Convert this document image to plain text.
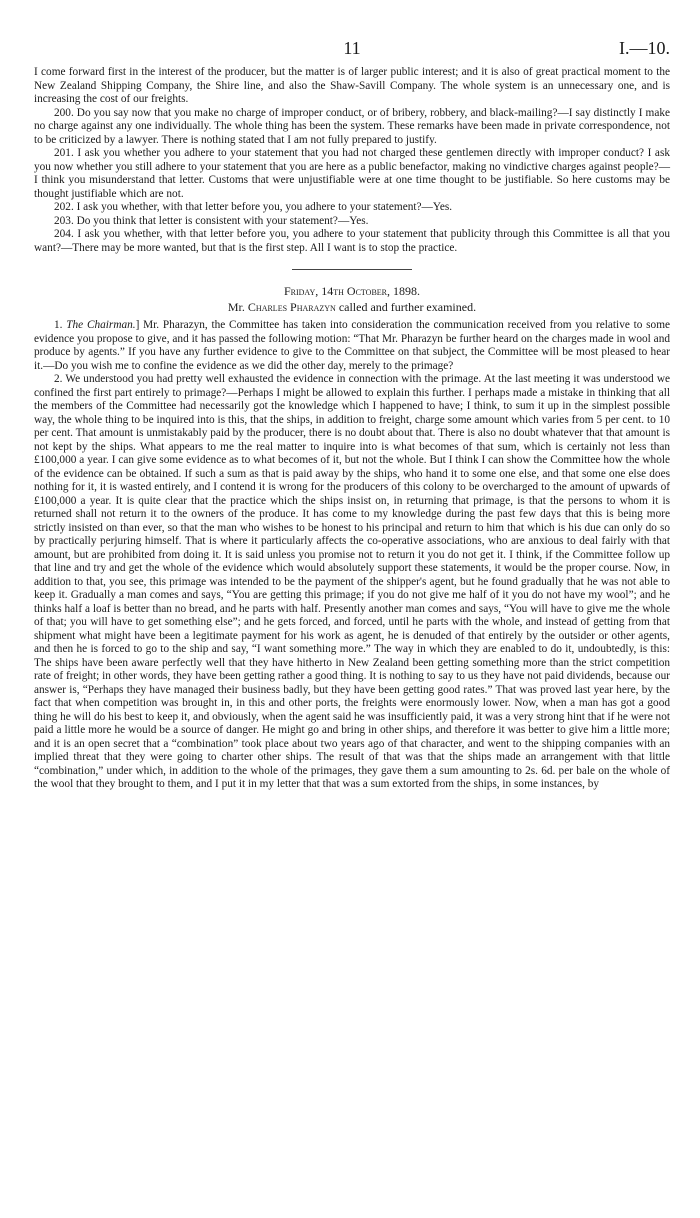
11	I.—10.

I come forward first in the interest of the producer, but the matter is of larger public interest; and it is also of great practical moment to the New Zealand Shipping Company, the Shire line, and also the Shaw-Savill Company. The whole system is an unnecessary one, and is increasing the cost of our freights.

200. Do you say now that you make no charge of improper conduct, or of bribery, robbery, and black-mailing?—I say distinctly I make no charge against any one individually. The whole thing has been the system. These remarks have been made in private correspondence, not to be criticized by a lawyer. There is nothing stated that I am not fully prepared to justify.

201. I ask you whether you adhere to your statement that you had not charged these gentlemen directly with improper conduct? I ask you now whether you still adhere to your statement that you are here as a public benefactor, making no vindictive charges against people?—I think you misunderstand that letter. Customs that were unjustifiable were at one time thought to be justifiable. So here customs may be thought justifiable which are not.

202. I ask you whether, with that letter before you, you adhere to your statement?—Yes.

203. Do you think that letter is consistent with your statement?—Yes.

204. I ask you whether, with that letter before you, you adhere to your statement that publicity through this Committee is all that you want?—There may be more wanted, but that is the first step. All I want is to stop the practice.

Friday, 14th October, 1898.

Mr. Charles Pharazyn called and further examined.

1. The Chairman.] Mr. Pharazyn, the Committee has taken into consideration the communication received from you relative to some evidence you propose to give, and it has passed the following motion: “That Mr. Pharazyn be further heard on the charges made in wool and produce by agents.” If you have any further evidence to give to the Committee on that subject, the Committee will be most pleased to hear it.—Do you wish me to confine the evidence as we did the other day, merely to the primage?

2. We understood you had pretty well exhausted the evidence in connection with the primage. At the last meeting it was understood we confined the first part entirely to primage?—Perhaps I might be allowed to explain this further. I perhaps made a mistake in thinking that all the members of the Committee had necessarily got the knowledge which I happened to have; I think, to sum it up in the simplest possible way, the whole thing to be inquired into is this, that the ships, in addition to freight, charge some amount which varies from 5 per cent. to 10 per cent. That amount is unmistakably paid by the producer, there is no doubt about that. There is also no doubt whatever that that amount is not kept by the ships. What appears to me the real matter to inquire into is what becomes of that sum, which is certainly not less than £100,000 a year. I can give some evidence as to what becomes of it, but not the whole. But I think I can show the Committee how the whole of the evidence can be obtained. If such a sum as that is paid away by the ships, who hand it to some one else, and that some one else does nothing for it, it is wasted entirely, and I contend it is wrong for the producers of this colony to be overcharged to the amount of upwards of £100,000 a year. It is quite clear that the practice which the ships insist on, in returning that primage, is that the persons to whom it is returned shall not return it to the owners of the produce. It has come to my knowledge during the past few days that this is being more strictly insisted on than ever, so that the man who wishes to be honest to his principal and return to him that which is his due can only do so by practically perjuring himself. That is where it particularly affects the co-operative associations, who are anxious to deal fairly with that amount, but are prohibited from doing it. It is said unless you promise not to return it you do not get it. I think, if the Committee follow up that line and try and get the whole of the evidence which would absolutely support these statements, it would be the proper course. Now, in addition to that, you see, this primage was intended to be the payment of the shipper's agent, but he found gradually that he was not able to keep it. Gradually a man comes and says, “You are getting this primage; if you do not give me half of it you do not have my wool”; and he thinks half a loaf is better than no bread, and he parts with half. Presently another man comes and says, “You will have to give me the whole of that; you will have to get something else”; and he gets forced, and forced, until he parts with the whole, and instead of getting from that shipment what might have been a legitimate payment for his work as agent, he is denuded of that entirely by the outsider or other agents, and then he is forced to go to the ship and say, “I want something more.” The way in which they are enabled to do it, undoubtedly, is this: The ships have been aware perfectly well that they have hitherto in New Zealand been getting something more than the strict competition rate of freight; in other words, they have been getting rather a good thing. It is nothing to say to us they have not paid dividends, because our answer is, “Perhaps they have managed their business badly, but they have been getting good rates.” That was proved last year here, by the fact that when competition was brought in, in this and other ports, the freights were enormously lower. Now, when a man has got a good thing he will do his best to keep it, and obviously, when the agent said he was insufficiently paid, it was a very strong hint that if he were not paid a little more he would be a source of danger. He might go and bring in other ships, and therefore it was better to give him a little more; and it is an open secret that a “combination” took place about two years ago of that character, and went to the shipping companies with an implied threat that they were going to charter other ships. The result of that was that the ships made an arrangement with that little “combination,” under which, in addition to the whole of the primages, they gave them a sum amounting to 2s. 6d. per bale on the whole of the wool that they brought to them, and I put it in my letter that that was a sum extorted from the ships, in some instances, by
